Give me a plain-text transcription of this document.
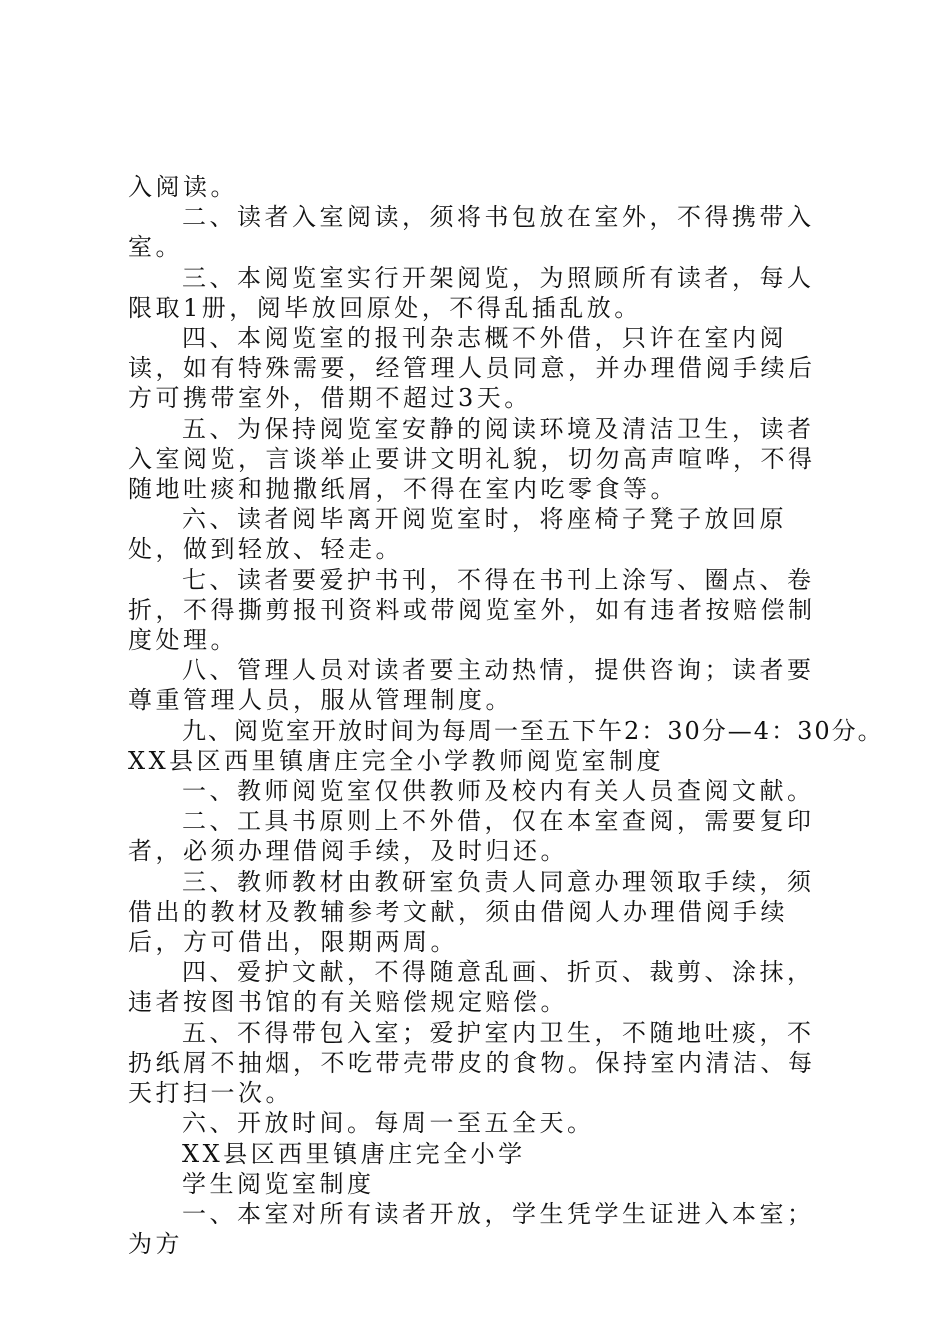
入阅读。

二、读者入室阅读，须将书包放在室外，不得携带入室。

三、本阅览室实行开架阅览，为照顾所有读者，每人限取1册，阅毕放回原处，不得乱插乱放。

四、本阅览室的报刊杂志概不外借，只许在室内阅读，如有特殊需要，经管理人员同意，并办理借阅手续后方可携带室外，借期不超过3天。

五、为保持阅览室安静的阅读环境及清洁卫生，读者入室阅览，言谈举止要讲文明礼貌，切勿高声喧哗，不得随地吐痰和抛撒纸屑，不得在室内吃零食等。

六、读者阅毕离开阅览室时，将座椅子凳子放回原处，做到轻放、轻走。

七、读者要爱护书刊，不得在书刊上涂写、圈点、卷折，不得撕剪报刊资料或带阅览室外，如有违者按赔偿制度处理。

八、管理人员对读者要主动热情，提供咨询；读者要尊重管理人员，服从管理制度。

九、阅览室开放时间为每周一至五下午2：30分—4：30分。

XX县区西里镇唐庄完全小学教师阅览室制度

一、教师阅览室仅供教师及校内有关人员查阅文献。

二、工具书原则上不外借，仅在本室查阅，需要复印者，必须办理借阅手续，及时归还。

三、教师教材由教研室负责人同意办理领取手续，须借出的教材及教辅参考文献，须由借阅人办理借阅手续后，方可借出，限期两周。

四、爱护文献，不得随意乱画、折页、裁剪、涂抹，违者按图书馆的有关赔偿规定赔偿。

五、不得带包入室；爱护室内卫生，不随地吐痰，不扔纸屑不抽烟，不吃带壳带皮的食物。保持室内清洁、每天打扫一次。

六、开放时间。每周一至五全天。

XX县区西里镇唐庄完全小学

学生阅览室制度

一、本室对所有读者开放，学生凭学生证进入本室；为方
